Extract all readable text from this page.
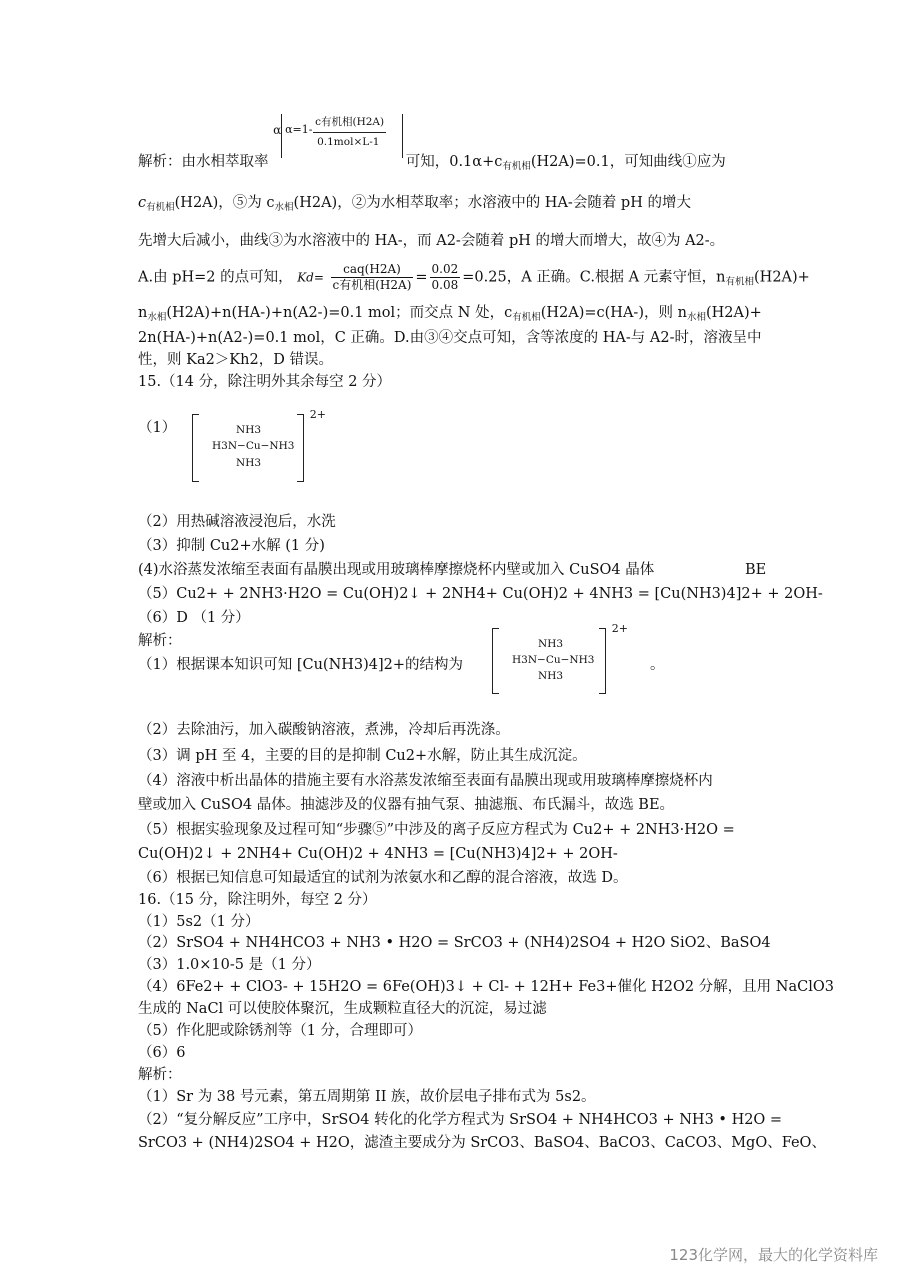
解析：由水相萃取率
α α=1-
c有机相(H2A)
0.1mol×L-1
可知，$0.1\alpha+c_{有机相}(H2A)=0.1$，可知曲线①应为
$c_{有机相}(H2A)$，⑤为 $c_{水相}(H2A)$，②为水相萃取率；水溶液中的 HA-会随着 pH 的增大
先增大后减小，曲线③为水溶液中的 HA-，而 A2-会随着 pH 的增大而增大，故④为 A2-。
A.由 pH=2 的点可知， $Kd= \frac{\text{caq(H2A)}}{\text{c有机相(H2A)}} = \frac{0.02}{0.08} =0.25$，A 正确。C.根据 A 元素守恒，$n_{有机相}(H2A)+$
$n_{水相}(H2A)+n(HA-)+n(A2-)=0.1$ mol；而交点 N 处，$c_{有机相}(H2A)=c(HA-)$，则 $n_{水相}(H2A)+$
2n(HA-)+n(A2-)=0.1 mol，C 正确。D.由③④交点可知，含等浓度的 HA-与 A2-时，溶液呈中
性，则 Ka2＞Kh2，D 错误。
15.（14 分，除注明外其余每空 2 分）
（1）
2+
NH3
H3N−Cu−NH3
NH3
（2）用热碱溶液浸泡后，水洗
（3）抑制 Cu2+水解 (1 分)
(4)水浴蒸发浓缩至表面有晶膜出现或用玻璃棒摩擦烧杯内壁或加入 CuSO4 晶体	BE
（5）Cu2+ + 2NH3·H2O = Cu(OH)2↓ + 2NH4+ Cu(OH)2 + 4NH3 = [Cu(NH3)4]2+ + 2OH-
（6）D （1 分）
解析：
（1）根据课本知识可知 [Cu(NH3)4]2+的结构为
2+
NH3
H3N−Cu−NH3
NH3
。
（2）去除油污，加入碳酸钠溶液，煮沸，冷却后再洗涤。
（3）调 pH 至 4，主要的目的是抑制 Cu2+水解，防止其生成沉淀。
（4）溶液中析出晶体的措施主要有水浴蒸发浓缩至表面有晶膜出现或用玻璃棒摩擦烧杯内
壁或加入 CuSO4 晶体。抽滤涉及的仪器有抽气泵、抽滤瓶、布氏漏斗，故选 BE。
（5）根据实验现象及过程可知“步骤⑤”中涉及的离子反应方程式为 Cu2+ + 2NH3·H2O =
Cu(OH)2↓ + 2NH4+ Cu(OH)2 + 4NH3 = [Cu(NH3)4]2+ + 2OH-
（6）根据已知信息可知最适宜的试剂为浓氨水和乙醇的混合溶液，故选 D。
16.（15 分，除注明外，每空 2 分）
（1）5s2（1 分）
（2）SrSO4 + NH4HCO3 + NH3 • H2O = SrCO3 + (NH4)2SO4 + H2O SiO2、BaSO4
（3）1.0×10-5 是（1 分）
（4）6Fe2+ + ClO3- + 15H2O = 6Fe(OH)3↓ + Cl- + 12H+ Fe3+催化 H2O2 分解，且用 NaClO3
生成的 NaCl 可以使胶体聚沉，生成颗粒直径大的沉淀，易过滤
（5）作化肥或除锈剂等（1 分，合理即可）
（6）6
解析：
（1）Sr 为 38 号元素，第五周期第 II 族，故价层电子排布式为 5s2。
（2）“复分解反应”工序中，SrSO4 转化的化学方程式为 SrSO4 + NH4HCO3 + NH3 • H2O =
SrCO3 + (NH4)2SO4 + H2O，滤渣主要成分为 SrCO3、BaSO4、BaCO3、CaCO3、MgO、FeO、
123化学网，最大的化学资料库
